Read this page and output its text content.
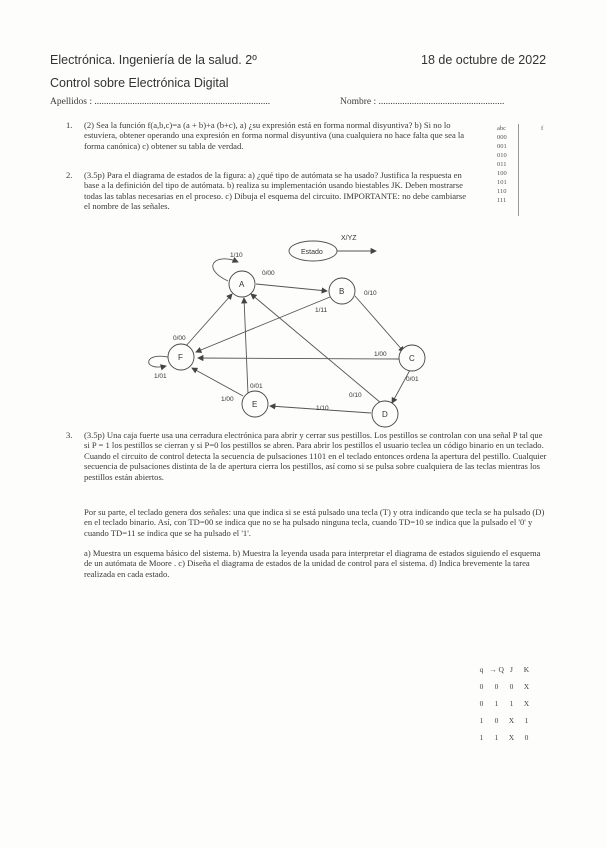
Electrónica. Ingeniería de la salud. 2º	18 de octubre de 2022
Control sobre Electrónica Digital
Apellidos : ..........................................................................	Nombre : .....................................................
1. (2) Sea la función f(a,b,c)=a (a + b)+a (b+c), a) ¿su expresión está en forma normal disyuntiva? b) Si no lo estuviera, obtener operando una expresión en forma normal disyuntiva (una cualquiera no hace falta que sea la forma canónica) c) obtener su tabla de verdad.
abc	f
000
001
010
011
100
101
110
111
2. (3.5p) Para el diagrama de estados de la figura: a) ¿qué tipo de autómata se ha usado? Justifica la respuesta en base a la definición del tipo de autómata. b) realiza su implementación usando biestables JK. Deben mostrarse todas las tablas necesarias en el proceso. c) Dibuja el esquema del circuito. IMPORTANTE: no debe cambiarse el nombre de las señales.
Estado
X/YZ
A
B
C
D
E
F
1/10
0/00
0/10
1/11
0/00
1/00
0/01
0/10
1/10
1/00
0/01
1/01
3. (3.5p) Una caja fuerte usa una cerradura electrónica para abrir y cerrar sus pestillos. Los pestillos se controlan con una señal P tal que si P = 1 los pestillos se cierran y si P=0 los pestillos se abren. Para abrir los pestillos el usuario teclea un código binario en un teclado. Cuando el circuito de control detecta la secuencia de pulsaciones 1101 en el teclado entonces ordena la apertura del pestillo. Cualquier secuencia de pulsaciones distinta de la de apertura cierra los pestillos, así como si se pulsa sobre cualquiera de las teclas mientras los pestillos están abiertos.
Por su parte, el teclado genera dos señales: una que indica si se está pulsado una tecla (T) y otra indicando que tecla se ha pulsado (D) en el teclado binario. Así, con TD=00 se indica que no se ha pulsado ninguna tecla, cuando TD=10 se indica que la pulsado el '0' y cuando TD=11 se indica que se ha pulsado el '1'.
a) Muestra un esquema básico del sistema. b) Muestra la leyenda usada para interpretar el diagrama de estados siguiendo el esquema de un autómata de Moore . c) Diseña el diagrama de estados de la unidad de control para el sistema. d) Indica brevemente la tarea realizada en cada estado.
q → Q J K
0 0 0 X
0 1 1 X
1 0 X 1
1 1 X 0
